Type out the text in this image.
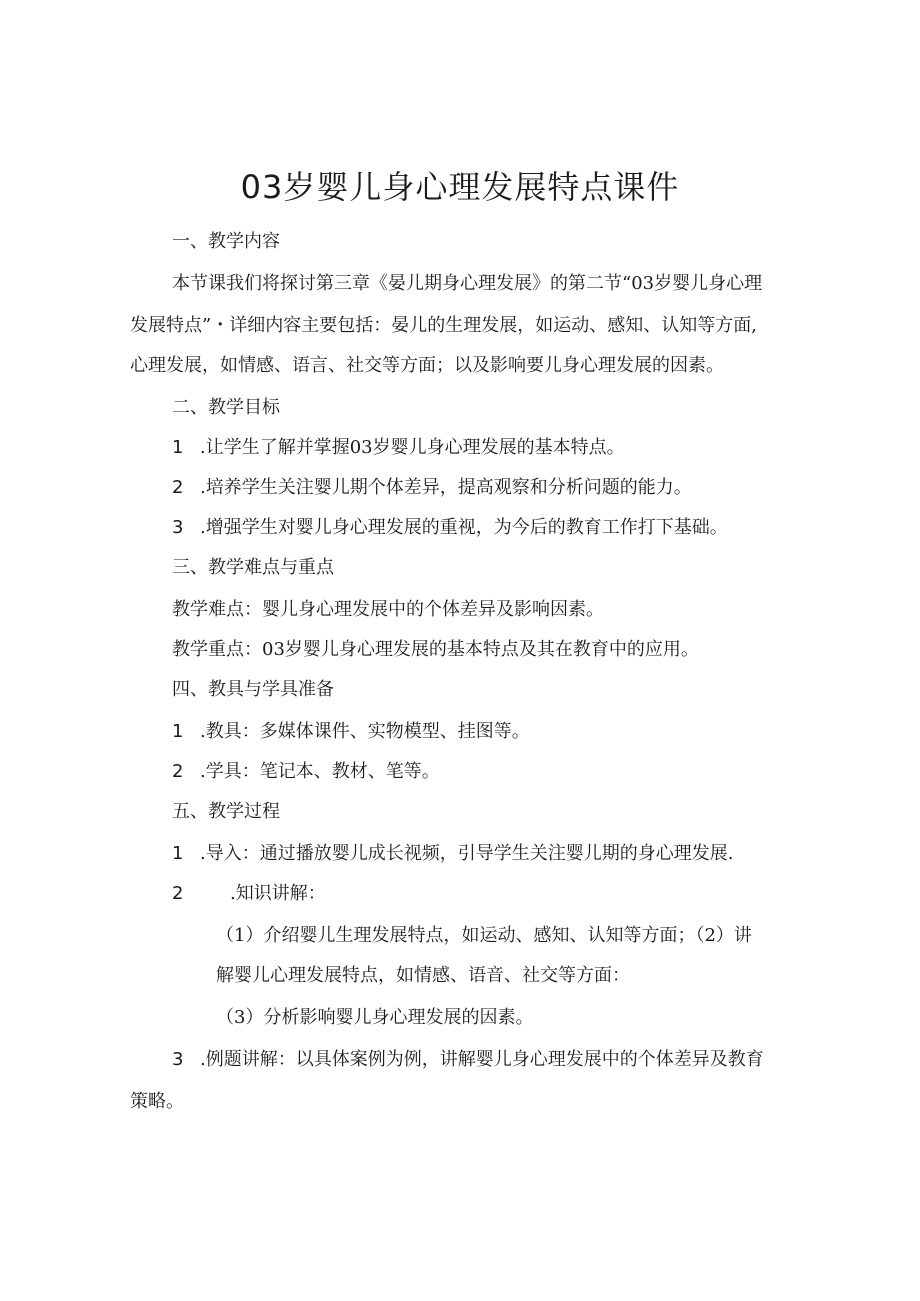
03岁婴儿身心理发展特点课件
一、教学内容
本节课我们将探讨第三章《晏儿期身心理发展》的第二节“03岁婴儿身心理
发展特点”・详细内容主要包括：晏儿的生理发展，如运动、感知、认知等方面,
心理发展，如情感、语言、社交等方面；以及影响要儿身心理发展的因素。
二、教学目标
1 .让学生了解并掌握03岁婴儿身心理发展的基本特点。
2 .培养学生关注婴儿期个体差异，提高观察和分析问题的能力。
3 .增强学生对婴儿身心理发展的重视，为今后的教育工作打下基础。
三、教学难点与重点
教学难点：婴儿身心理发展中的个体差异及影响因素。
教学重点：03岁婴儿身心理发展的基本特点及其在教育中的应用。
四、教具与学具准备
1 .教具：多媒体课件、实物模型、挂图等。
2 .学具：笔记本、教材、笔等。
五、教学过程
1 .导入：通过播放婴儿成长视频，引导学生关注婴儿期的身心理发展.
2	.知识讲解：
（1）介绍婴儿生理发展特点，如运动、感知、认知等方面；（2）讲
解婴儿心理发展特点，如情感、语音、社交等方面：
（3）分析影响婴儿身心理发展的因素。
3 .例题讲解：以具体案例为例，讲解婴儿身心理发展中的个体差异及教育
策略。
